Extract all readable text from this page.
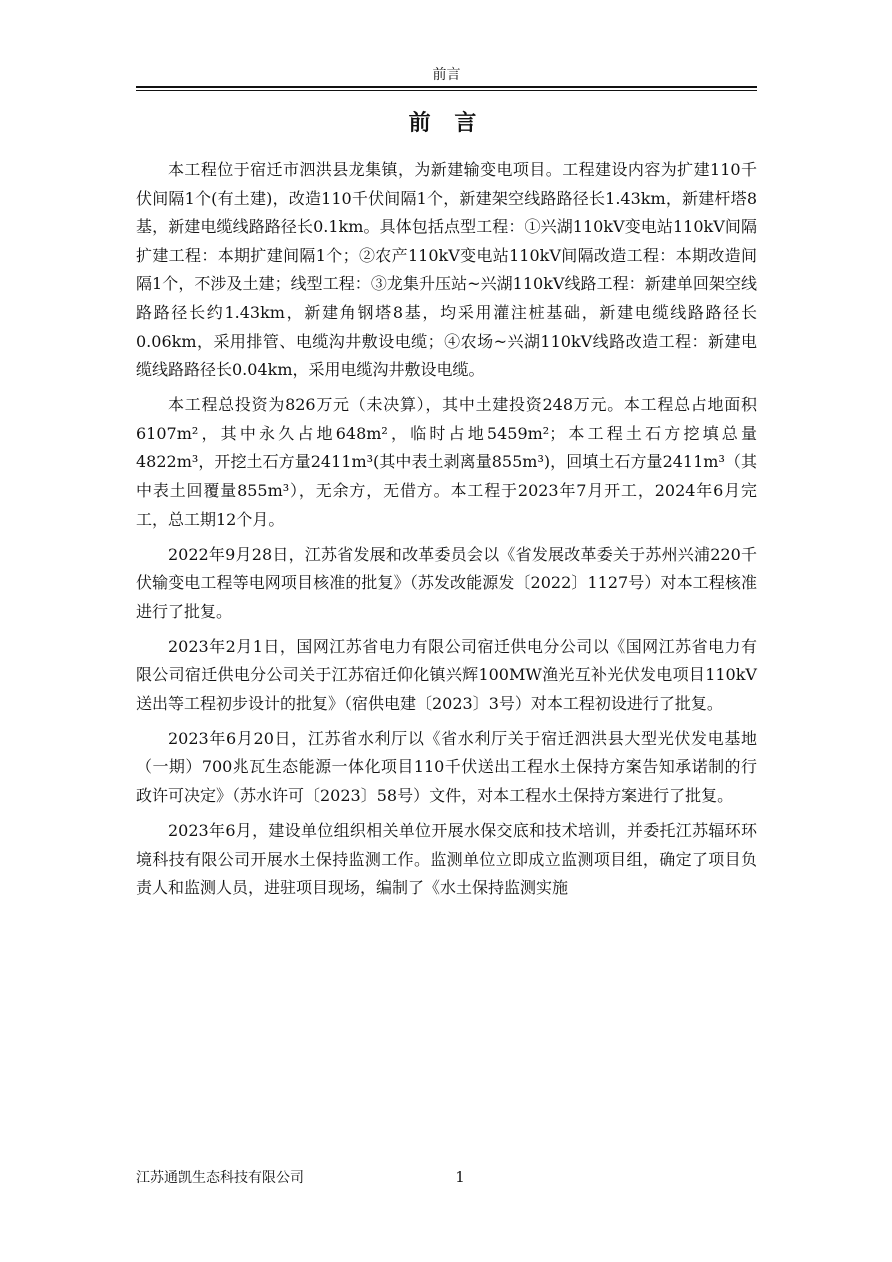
前言
前 言

本工程位于宿迁市泗洪县龙集镇，为新建输变电项目。工程建设内容为扩建110千伏间隔1个(有土建)，改造110千伏间隔1个，新建架空线路路径长1.43km，新建杆塔8基，新建电缆线路路径长0.1km。具体包括点型工程：①兴湖110kV变电站110kV间隔扩建工程：本期扩建间隔1个；②农产110kV变电站110kV间隔改造工程：本期改造间隔1个，不涉及土建；线型工程：③龙集升压站~兴湖110kV线路工程：新建单回架空线路路径长约1.43km，新建角钢塔8基，均采用灌注桩基础，新建电缆线路路径长0.06km，采用排管、电缆沟井敷设电缆；④农场~兴湖110kV线路改造工程：新建电缆线路路径长0.04km，采用电缆沟井敷设电缆。

本工程总投资为826万元（未决算），其中土建投资248万元。本工程总占地面积6107m²，其中永久占地648m²，临时占地5459m²；本工程土石方挖填总量4822m³，开挖土石方量2411m³(其中表土剥离量855m³)，回填土石方量2411m³（其中表土回覆量855m³），无余方，无借方。本工程于2023年7月开工，2024年6月完工，总工期12个月。

2022年9月28日，江苏省发展和改革委员会以《省发展改革委关于苏州兴浦220千伏输变电工程等电网项目核准的批复》（苏发改能源发〔2022〕1127号）对本工程核准进行了批复。

2023年2月1日，国网江苏省电力有限公司宿迁供电分公司以《国网江苏省电力有限公司宿迁供电分公司关于江苏宿迁仰化镇兴辉100MW渔光互补光伏发电项目110kV送出等工程初步设计的批复》（宿供电建〔2023〕3号）对本工程初设进行了批复。

2023年6月20日，江苏省水利厅以《省水利厅关于宿迁泗洪县大型光伏发电基地（一期）700兆瓦生态能源一体化项目110千伏送出工程水土保持方案告知承诺制的行政许可决定》（苏水许可〔2023〕58号）文件，对本工程水土保持方案进行了批复。

2023年6月，建设单位组织相关单位开展水保交底和技术培训，并委托江苏辐环环境科技有限公司开展水土保持监测工作。监测单位立即成立监测项目组，确定了项目负责人和监测人员，进驻项目现场，编制了《水土保持监测实施

江苏通凯生态科技有限公司	1
